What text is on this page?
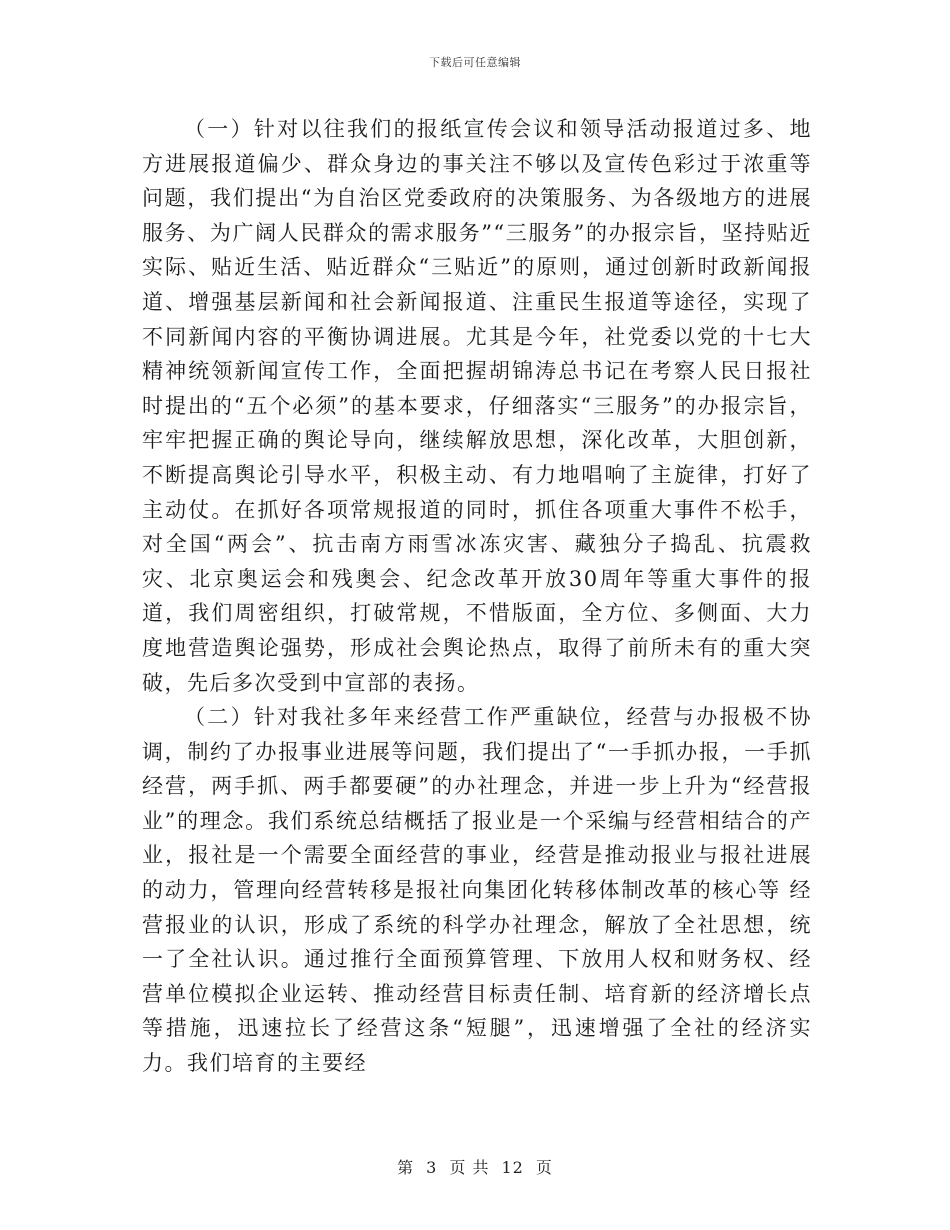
下载后可任意编辑

（一）针对以往我们的报纸宣传会议和领导活动报道过多、地方进展报道偏少、群众身边的事关注不够以及宣传色彩过于浓重等问题，我们提出“为自治区党委政府的决策服务、为各级地方的进展服务、为广阔人民群众的需求服务”“三服务”的办报宗旨，坚持贴近实际、贴近生活、贴近群众“三贴近”的原则，通过创新时政新闻报道、增强基层新闻和社会新闻报道、注重民生报道等途径，实现了不同新闻内容的平衡协调进展。尤其是今年，社党委以党的十七大精神统领新闻宣传工作，全面把握胡锦涛总书记在考察人民日报社时提出的“五个必须”的基本要求，仔细落实“三服务”的办报宗旨，牢牢把握正确的舆论导向，继续解放思想，深化改革，大胆创新，不断提高舆论引导水平，积极主动、有力地唱响了主旋律，打好了主动仗。在抓好各项常规报道的同时，抓住各项重大事件不松手，对全国“两会”、抗击南方雨雪冰冻灾害、藏独分子捣乱、抗震救灾、北京奥运会和残奥会、纪念改革开放30周年等重大事件的报道，我们周密组织，打破常规，不惜版面，全方位、多侧面、大力度地营造舆论强势，形成社会舆论热点，取得了前所未有的重大突破，先后多次受到中宣部的表扬。

（二）针对我社多年来经营工作严重缺位，经营与办报极不协调，制约了办报事业进展等问题，我们提出了“一手抓办报，一手抓经营，两手抓、两手都要硬”的办社理念，并进一步上升为“经营报业”的理念。我们系统总结概括了报业是一个采编与经营相结合的产业，报社是一个需要全面经营的事业，经营是推动报业与报社进展的动力，管理向经营转移是报社向集团化转移体制改革的核心等 经营报业的认识，形成了系统的科学办社理念，解放了全社思想，统一了全社认识。通过推行全面预算管理、下放用人权和财务权、经营单位模拟企业运转、推动经营目标责任制、培育新的经济增长点等措施，迅速拉长了经营这条“短腿”，迅速增强了全社的经济实力。我们培育的主要经

第 3 页 共 12 页
